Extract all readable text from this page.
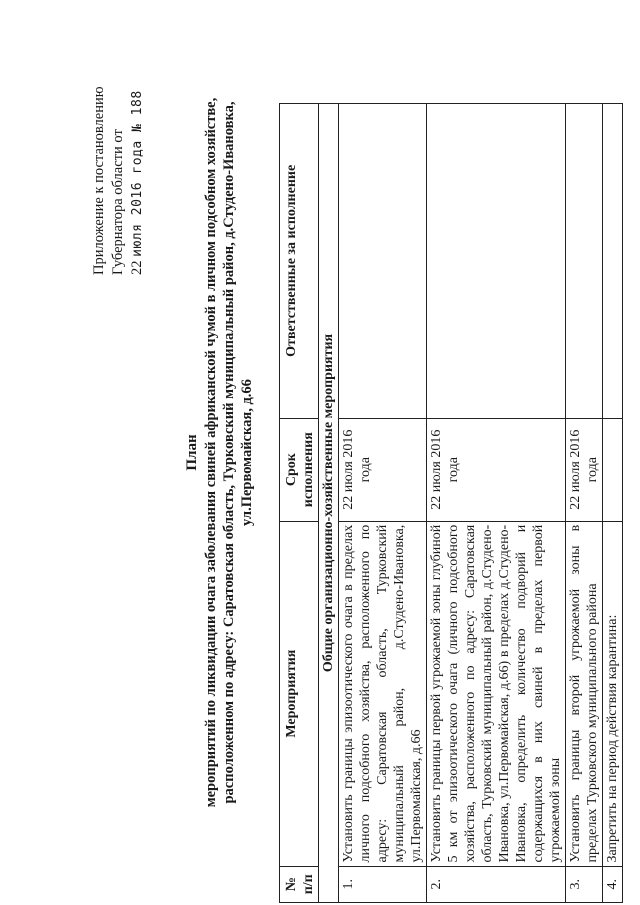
Приложение к постановлению Губернатора области от 22 июля 2016 года № 188
План мероприятий по ликвидации очага заболевания свиней африканской чумой в личном подсобном хозяйстве, расположенном по адресу: Саратовская область, Турковский муниципальный район, д.Студено-Ивановка, ул.Первомайская, д.66
№ п/п	Мероприятия	Срок исполнения	Ответственные за исполнение
Общие организационно-хозяйственные мероприятия			
1.	Установить границы эпизоотического очага в пределах личного подсобного хозяйства, расположенного по адресу: Саратовская область, Турковский муниципальный район, д.Студено-Ивановка, ул.Первомайская, д.66	22 июля 2016 года	
2.	Установить границы первой угрожаемой зоны глубиной 5 км от эпизоотического очага (личного подсобного хозяйства, расположенного по адресу: Саратовская область, Турковский муниципальный район, д.Студено-Ивановка, ул.Первомайская, д.66) в пределах д.Студено-Ивановка, определить количество подворий и содержащихся в них свиней в пределах первой угрожаемой зоны	22 июля 2016 года	
3.	Установить границы второй угрожаемой зоны в пределах Турковского муниципального района	22 июля 2016 года	
4.	Запретить на период действия карантина:		
